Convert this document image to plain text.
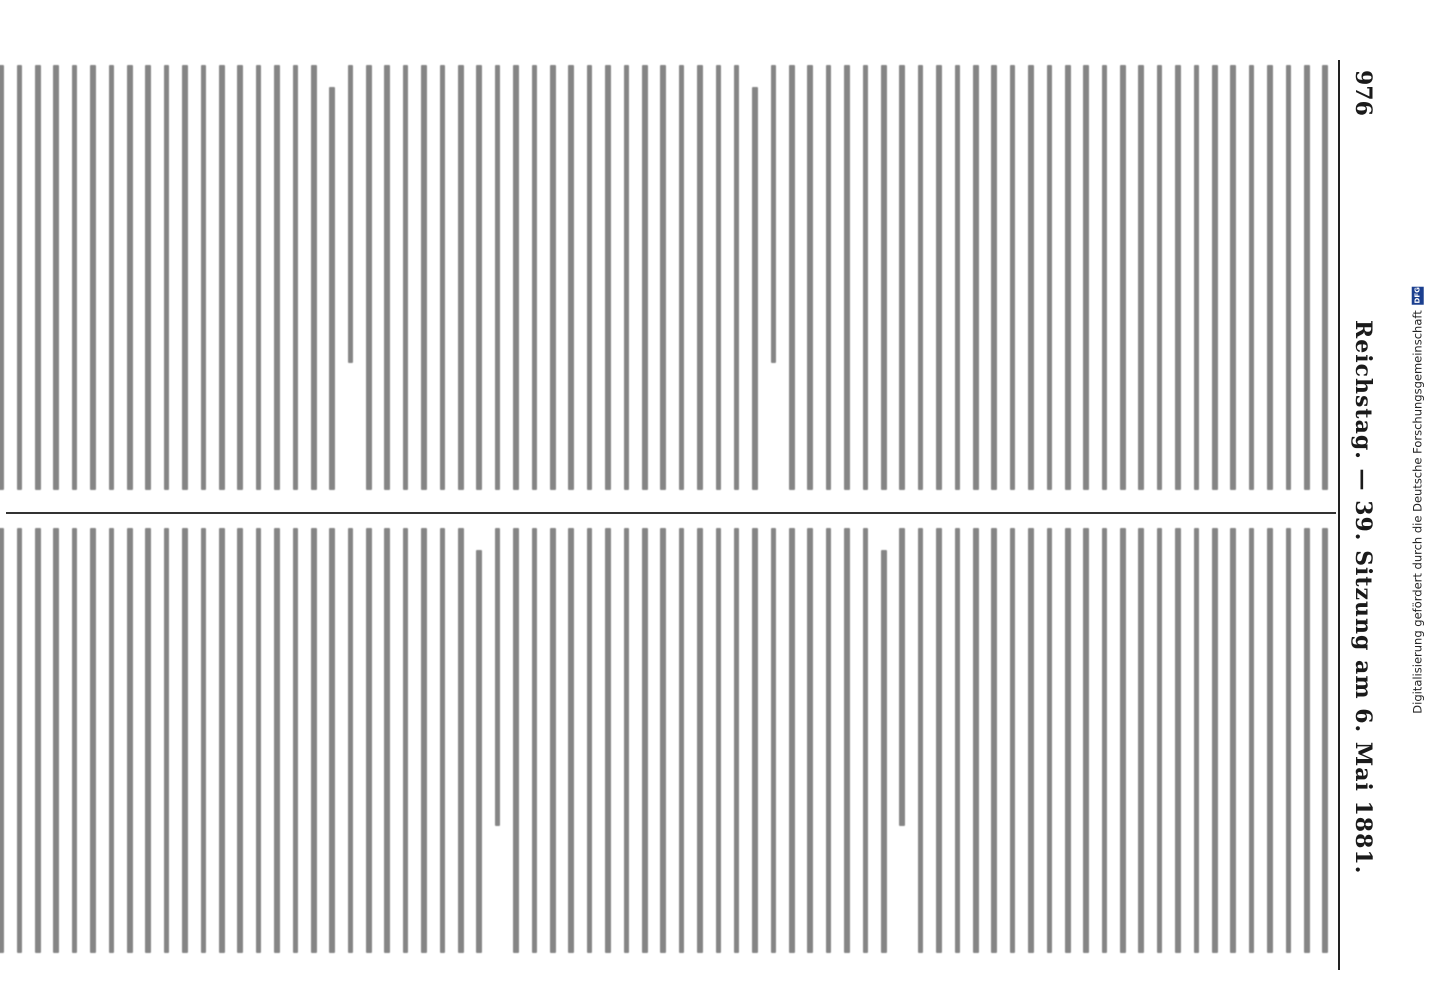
976
Reichstag. — 39. Sitzung am 6. Mai 1881.	Digitalisierung gefördert durch die Deutsche Forschungsgemeinschaft
DFG
